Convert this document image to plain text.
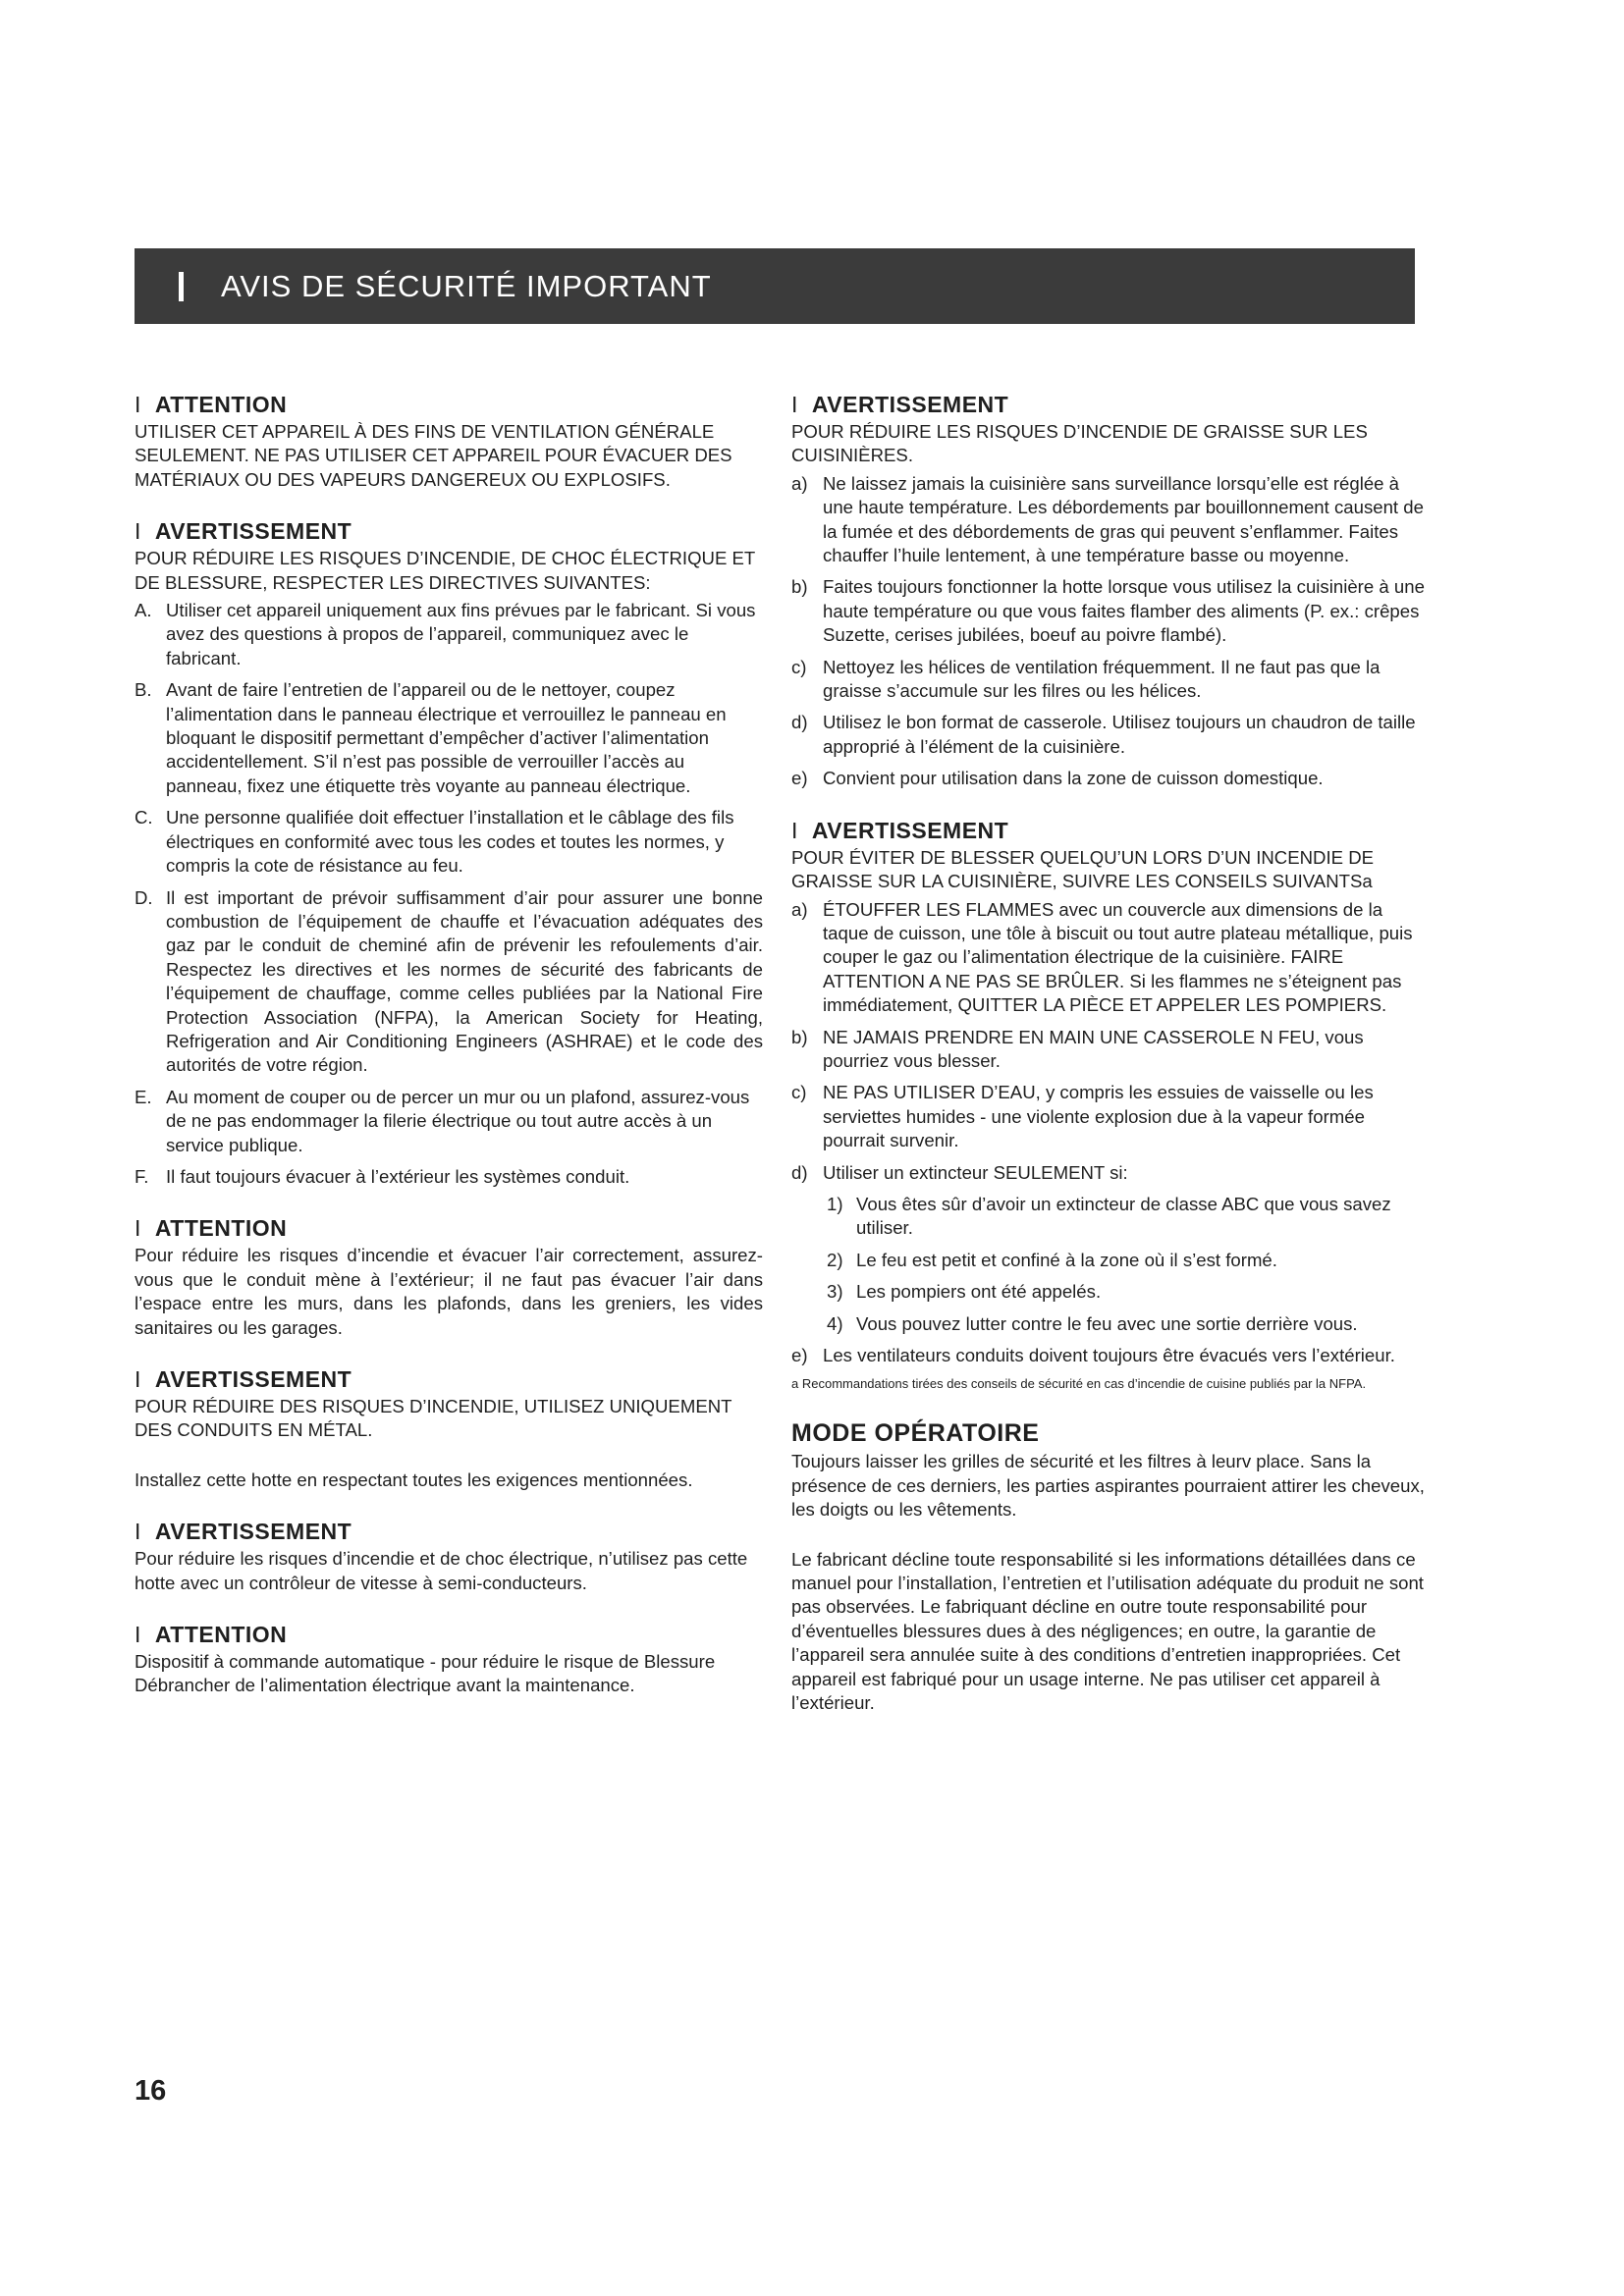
AVIS DE SÉCURITÉ IMPORTANT
I ATTENTION

UTILISER CET APPAREIL À DES FINS DE VENTILATION GÉNÉRALE SEULEMENT. NE PAS UTILISER CET APPAREIL POUR ÉVACUER DES MATÉRIAUX OU DES VAPEURS DANGEREUX OU EXPLOSIFS.

I AVERTISSEMENT

POUR RÉDUIRE LES RISQUES D’INCENDIE, DE CHOC ÉLECTRIQUE ET DE BLESSURE, RESPECTER LES DIRECTIVES SUIVANTES:

A. Utiliser cet appareil uniquement aux fins prévues par le fabricant. Si vous avez des questions à propos de l’appareil, communiquez avec le fabricant.
B. Avant de faire l’entretien de l’appareil ou de le nettoyer, coupez l’alimentation dans le panneau électrique et verrouillez le panneau en bloquant le dispositif permettant d’empêcher d’activer l’alimentation accidentellement. S’il n’est pas possible de verrouiller l’accès au panneau, fixez une étiquette très voyante au panneau électrique.
C. Une personne qualifiée doit effectuer l’installation et le câblage des fils électriques en conformité avec tous les codes et toutes les normes, y compris la cote de résistance au feu.
D. Il est important de prévoir suffisamment d’air pour assurer une bonne combustion de l’équipement de chauffe et l’évacuation adéquates des gaz par le conduit de cheminé afin de prévenir les refoulements d’air. Respectez les directives et les normes de sécurité des fabricants de l’équipement de chauffage, comme celles publiées par la National Fire Protection Association (NFPA), la American Society for Heating, Refrigeration and Air Conditioning Engineers (ASHRAE) et le code des autorités de votre région.
E. Au moment de couper ou de percer un mur ou un plafond, assurez-vous de ne pas endommager la filerie électrique ou tout autre accès à un service publique.
F. Il faut toujours évacuer à l’extérieur les systèmes conduit.
I ATTENTION

Pour réduire les risques d’incendie et évacuer l’air correctement, assurez-vous que le conduit mène à l’extérieur; il ne faut pas évacuer l’air dans l’espace entre les murs, dans les plafonds, dans les greniers, les vides sanitaires ou les garages.

I AVERTISSEMENT

POUR RÉDUIRE DES RISQUES D’INCENDIE, UTILISEZ UNIQUEMENT DES CONDUITS EN MÉTAL.

Installez cette hotte en respectant toutes les exigences mentionnées.

I AVERTISSEMENT

Pour réduire les risques d’incendie et de choc électrique, n’utilisez pas cette hotte avec un contrôleur de vitesse à semi-conducteurs.

I ATTENTION

Dispositif à commande automatique - pour réduire le risque de Blessure Débrancher de l’alimentation électrique avant la maintenance.

I AVERTISSEMENT

POUR RÉDUIRE LES RISQUES D’INCENDIE DE GRAISSE SUR LES CUISINIÈRES.

a) Ne laissez jamais la cuisinière sans surveillance lorsqu’elle est réglée à une haute température. Les débordements par bouillonnement causent de la fumée et des débordements de gras qui peuvent s’enflammer. Faites chauffer l’huile lentement, à une température basse ou moyenne.
b) Faites toujours fonctionner la hotte lorsque vous utilisez la cuisinière à une haute température ou que vous faites flamber des aliments (P. ex.: crêpes Suzette, cerises jubilées, boeuf au poivre flambé).
c) Nettoyez les hélices de ventilation fréquemment. Il ne faut pas que la graisse s’accumule sur les filres ou les hélices.
d) Utilisez le bon format de casserole. Utilisez toujours un chaudron de taille approprié à l’élément de la cuisinière.
e) Convient pour utilisation dans la zone de cuisson domestique.
I AVERTISSEMENT

POUR ÉVITER DE BLESSER QUELQU’UN LORS D’UN INCENDIE DE GRAISSE SUR LA CUISINIÈRE, SUIVRE LES CONSEILS SUIVANTSa

a) ÉTOUFFER LES FLAMMES avec un couvercle aux dimensions de la taque de cuisson, une tôle à biscuit ou tout autre plateau métallique, puis couper le gaz ou l’alimentation électrique de la cuisinière. FAIRE ATTENTION A NE PAS SE BRÛLER. Si les flammes ne s’éteignent pas immédiatement, QUITTER LA PIÈCE ET APPELER LES POMPIERS.
b) NE JAMAIS PRENDRE EN MAIN UNE CASSEROLE N FEU, vous pourriez vous blesser.
c) NE PAS UTILISER D’EAU, y compris les essuies de vaisselle ou les serviettes humides - une violente explosion due à la vapeur formée pourrait survenir.
d) Utiliser un extincteur SEULEMENT si:
1) Vous êtes sûr d’avoir un extincteur de classe ABC que vous savez utiliser.
2) Le feu est petit et confiné à la zone où il s’est formé.
3) Les pompiers ont été appelés.
4) Vous pouvez lutter contre le feu avec une sortie derrière vous.
e) Les ventilateurs conduits doivent toujours être évacués vers l’extérieur.
a Recommandations tirées des conseils de sécurité en cas d’incendie de cuisine publiés par la NFPA.
MODE OPÉRATOIRE

Toujours laisser les grilles de sécurité et les filtres à leurv place. Sans la présence de ces derniers, les parties aspirantes pourraient attirer les cheveux, les doigts ou les vêtements.

Le fabricant décline toute responsabilité si les informations détaillées dans ce manuel pour l’installation, l’entretien et l’utilisation adéquate du produit ne sont pas observées. Le fabriquant décline en outre toute responsabilité pour d’éventuelles blessures dues à des négligences; en outre, la garantie de l’appareil sera annulée suite à des conditions d’entretien inappropriées. Cet appareil est fabriqué pour un usage interne. Ne pas utiliser cet appareil à l’extérieur.

16
